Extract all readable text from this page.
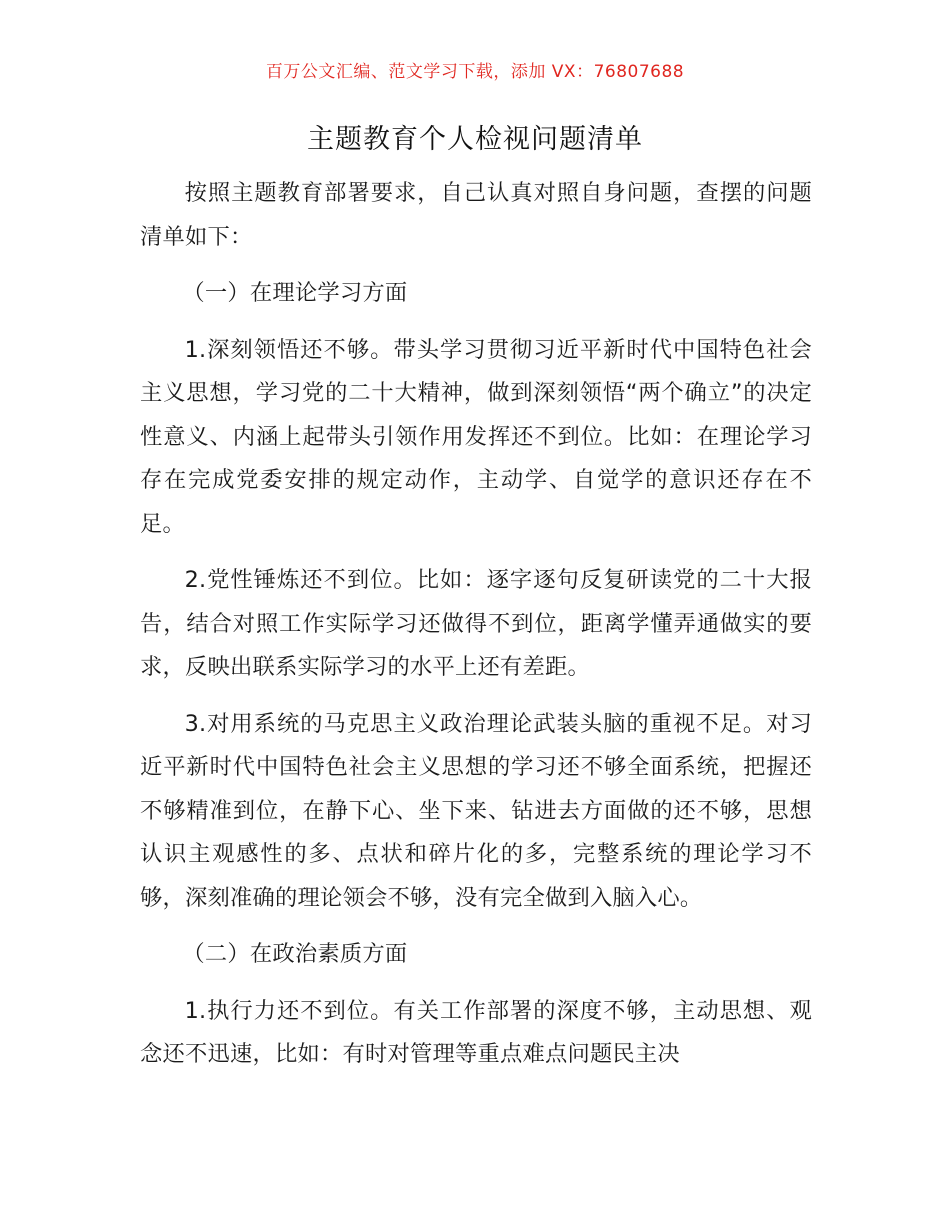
百万公文汇编、范文学习下载，添加 VX：76807688
主题教育个人检视问题清单

按照主题教育部署要求，自己认真对照自身问题，查摆的问题清单如下：

（一）在理论学习方面

1.深刻领悟还不够。带头学习贯彻习近平新时代中国特色社会主义思想，学习党的二十大精神，做到深刻领悟“两个确立”的决定性意义、内涵上起带头引领作用发挥还不到位。比如：在理论学习存在完成党委安排的规定动作，主动学、自觉学的意识还存在不足。

2.党性锤炼还不到位。比如：逐字逐句反复研读党的二十大报告，结合对照工作实际学习还做得不到位，距离学懂弄通做实的要求，反映出联系实际学习的水平上还有差距。

3.对用系统的马克思主义政治理论武装头脑的重视不足。对习近平新时代中国特色社会主义思想的学习还不够全面系统，把握还不够精准到位，在静下心、坐下来、钻进去方面做的还不够，思想认识主观感性的多、点状和碎片化的多，完整系统的理论学习不够，深刻准确的理论领会不够，没有完全做到入脑入心。

（二）在政治素质方面

1.执行力还不到位。有关工作部署的深度不够，主动思想、观念还不迅速，比如：有时对管理等重点难点问题民主决
